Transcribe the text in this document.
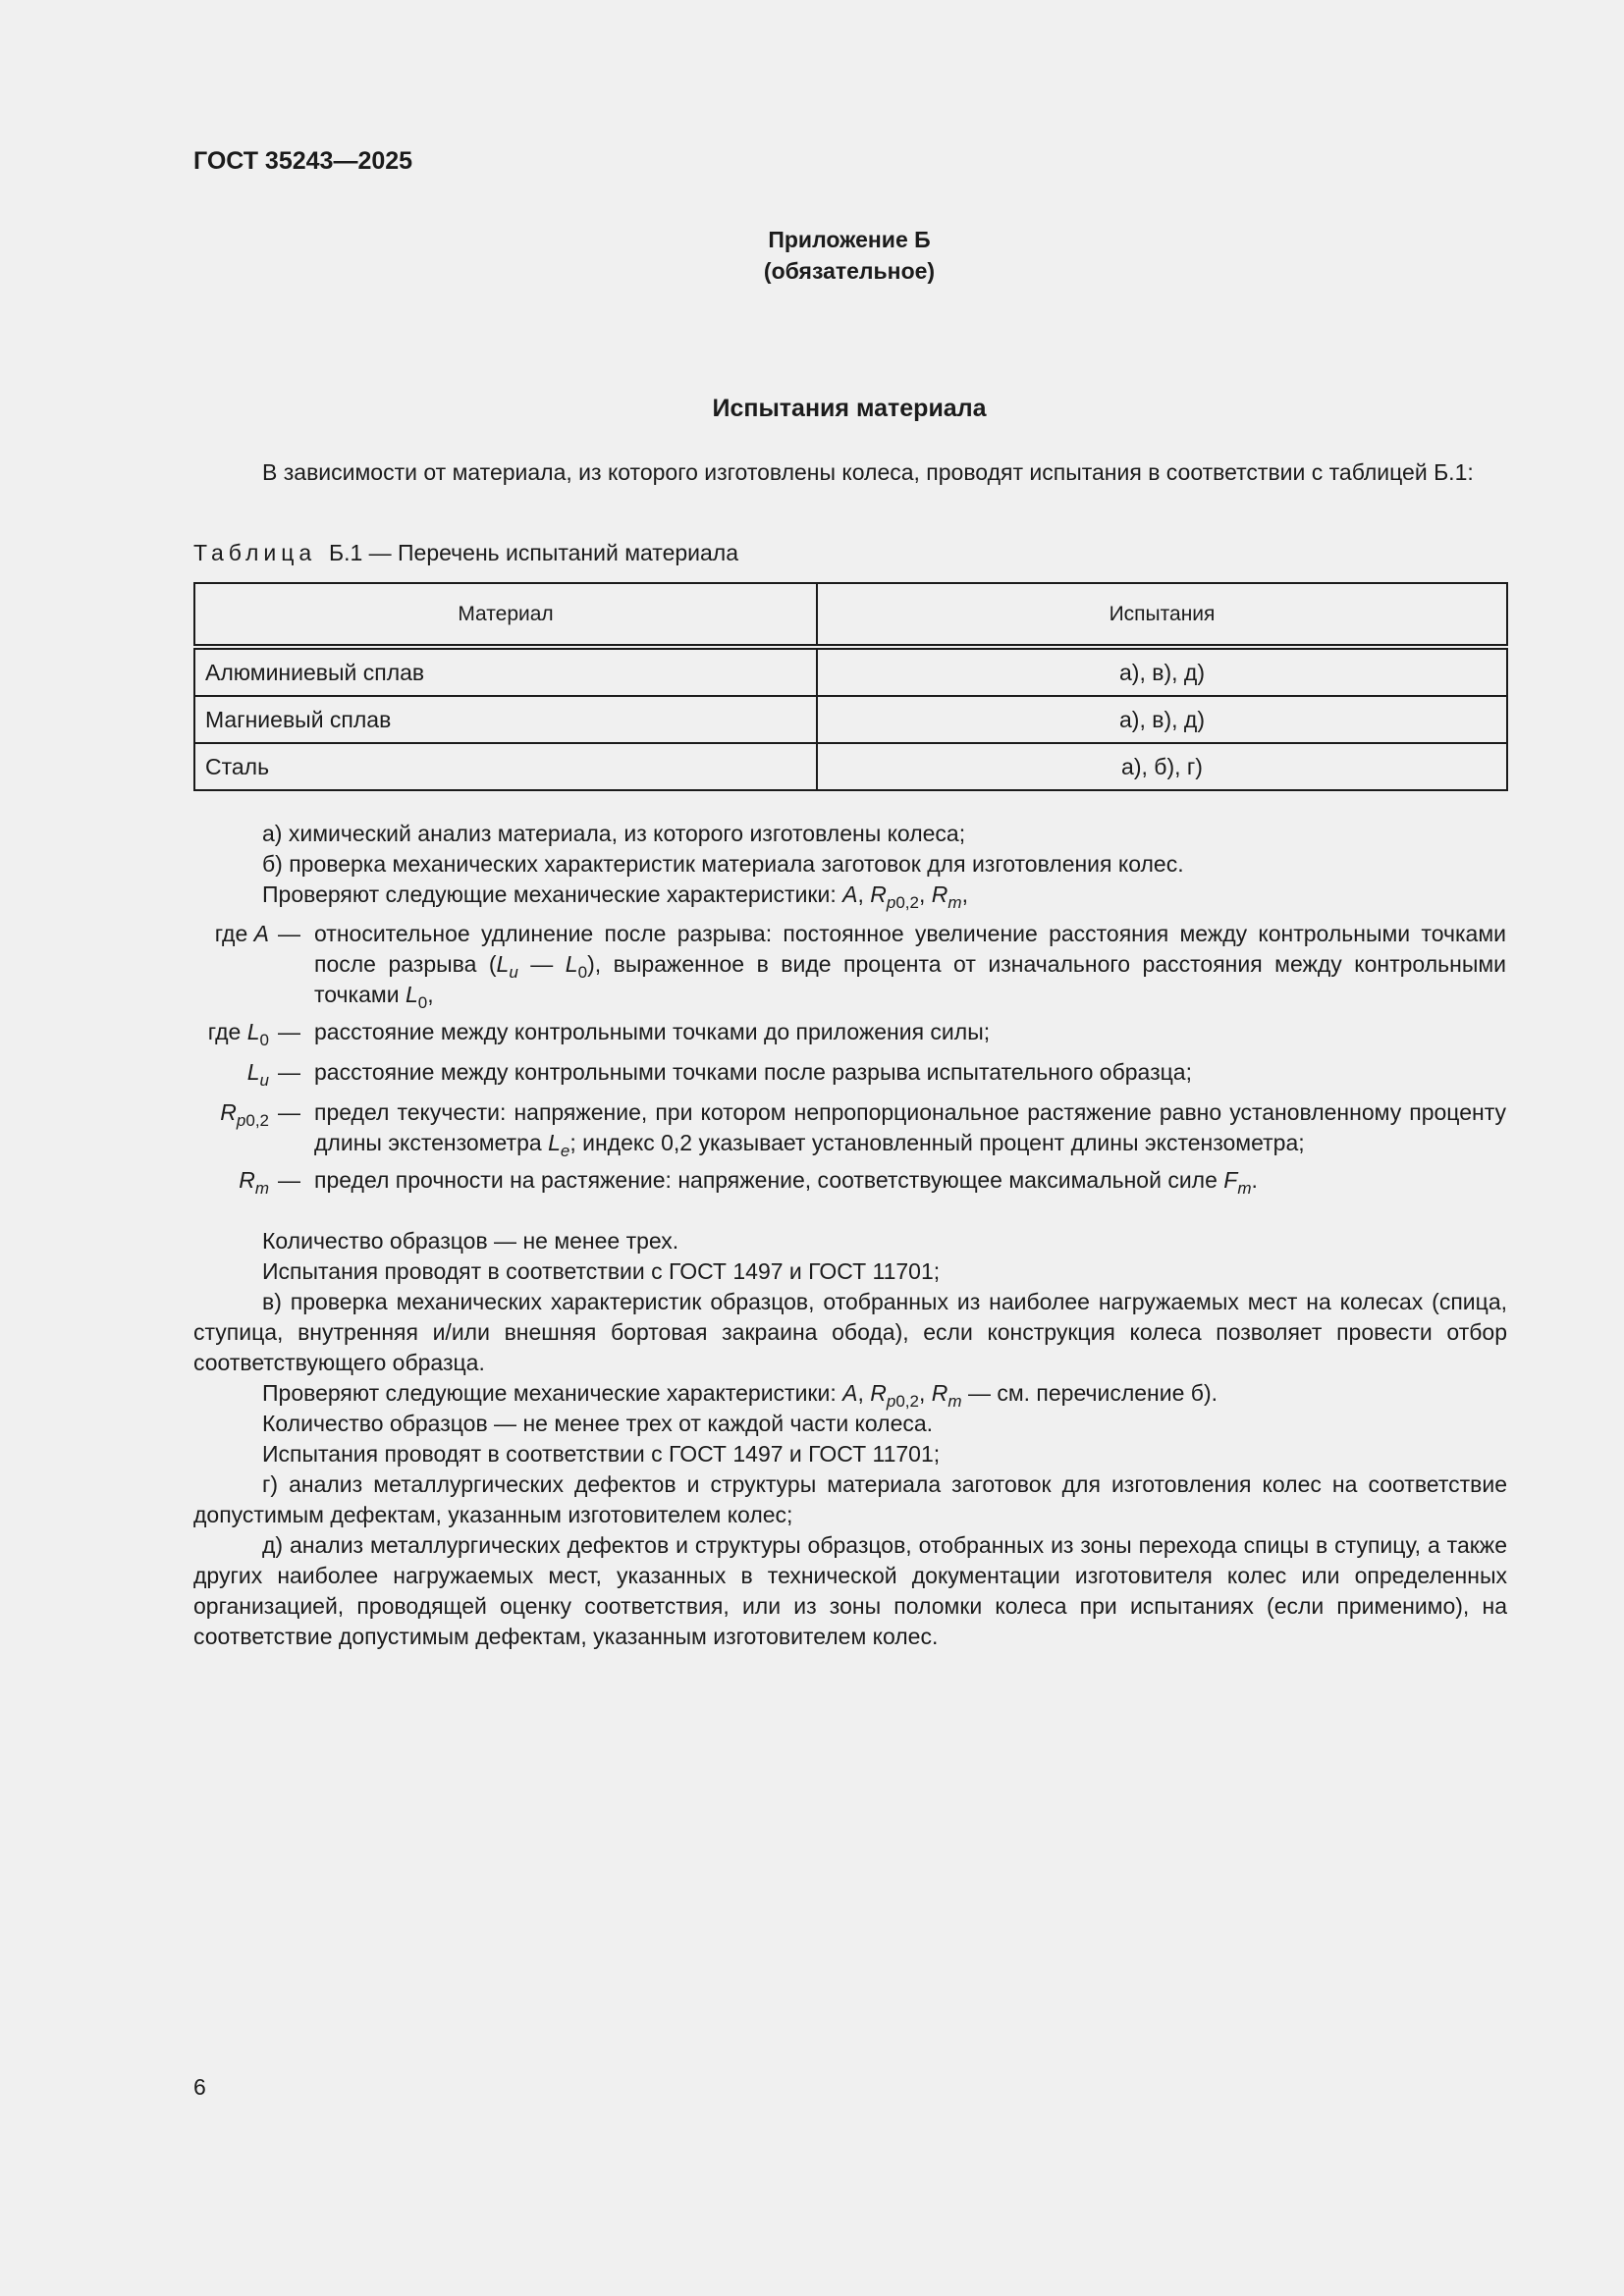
ГОСТ 35243—2025
Приложение Б
(обязательное)
Испытания материала
В зависимости от материала, из которого изготовлены колеса, проводят испытания в соответствии с таблицей Б.1:
Таблица Б.1 — Перечень испытаний материала
Материал	Испытания
Алюминиевый сплав	а), в), д)
Магниевый сплав	а), в), д)
Сталь	а), б), г)
а) химический анализ материала, из которого изготовлены колеса;
б) проверка механических характеристик материала заготовок для изготовления колес.
Проверяют следующие механические характеристики: A, $R_{p0,2}$, $R_m$,
где A — относительное удлинение после разрыва: постоянное увеличение расстояния между контрольными точками после разрыва ($L_u$ — $L_0$), выраженное в виде процента от изначального расстояния между контрольными точками $L_0$,
где $L_0$ — расстояние между контрольными точками до приложения силы;
$L_u$ — расстояние между контрольными точками после разрыва испытательного образца;
$R_{p0,2}$ — предел текучести: напряжение, при котором непропорциональное растяжение равно установленному проценту длины экстензометра $L_e$; индекс 0,2 указывает установленный процент длины экстензометра;
$R_m$ — предел прочности на растяжение: напряжение, соответствующее максимальной силе $F_m$.
Количество образцов — не менее трех.
Испытания проводят в соответствии с ГОСТ 1497 и ГОСТ 11701;
в) проверка механических характеристик образцов, отобранных из наиболее нагружаемых мест на колесах (спица, ступица, внутренняя и/или внешняя бортовая закраина обода), если конструкция колеса позволяет провести отбор соответствующего образца.
Проверяют следующие механические характеристики: A, $R_{p0,2}$, $R_m$ — см. перечисление б).
Количество образцов — не менее трех от каждой части колеса.
Испытания проводят в соответствии с ГОСТ 1497 и ГОСТ 11701;
г) анализ металлургических дефектов и структуры материала заготовок для изготовления колес на соответствие допустимым дефектам, указанным изготовителем колес;
д) анализ металлургических дефектов и структуры образцов, отобранных из зоны перехода спицы в ступицу, а также других наиболее нагружаемых мест, указанных в технической документации изготовителя колес или определенных организацией, проводящей оценку соответствия, или из зоны поломки колеса при испытаниях (если применимо), на соответствие допустимым дефектам, указанным изготовителем колес.
6
